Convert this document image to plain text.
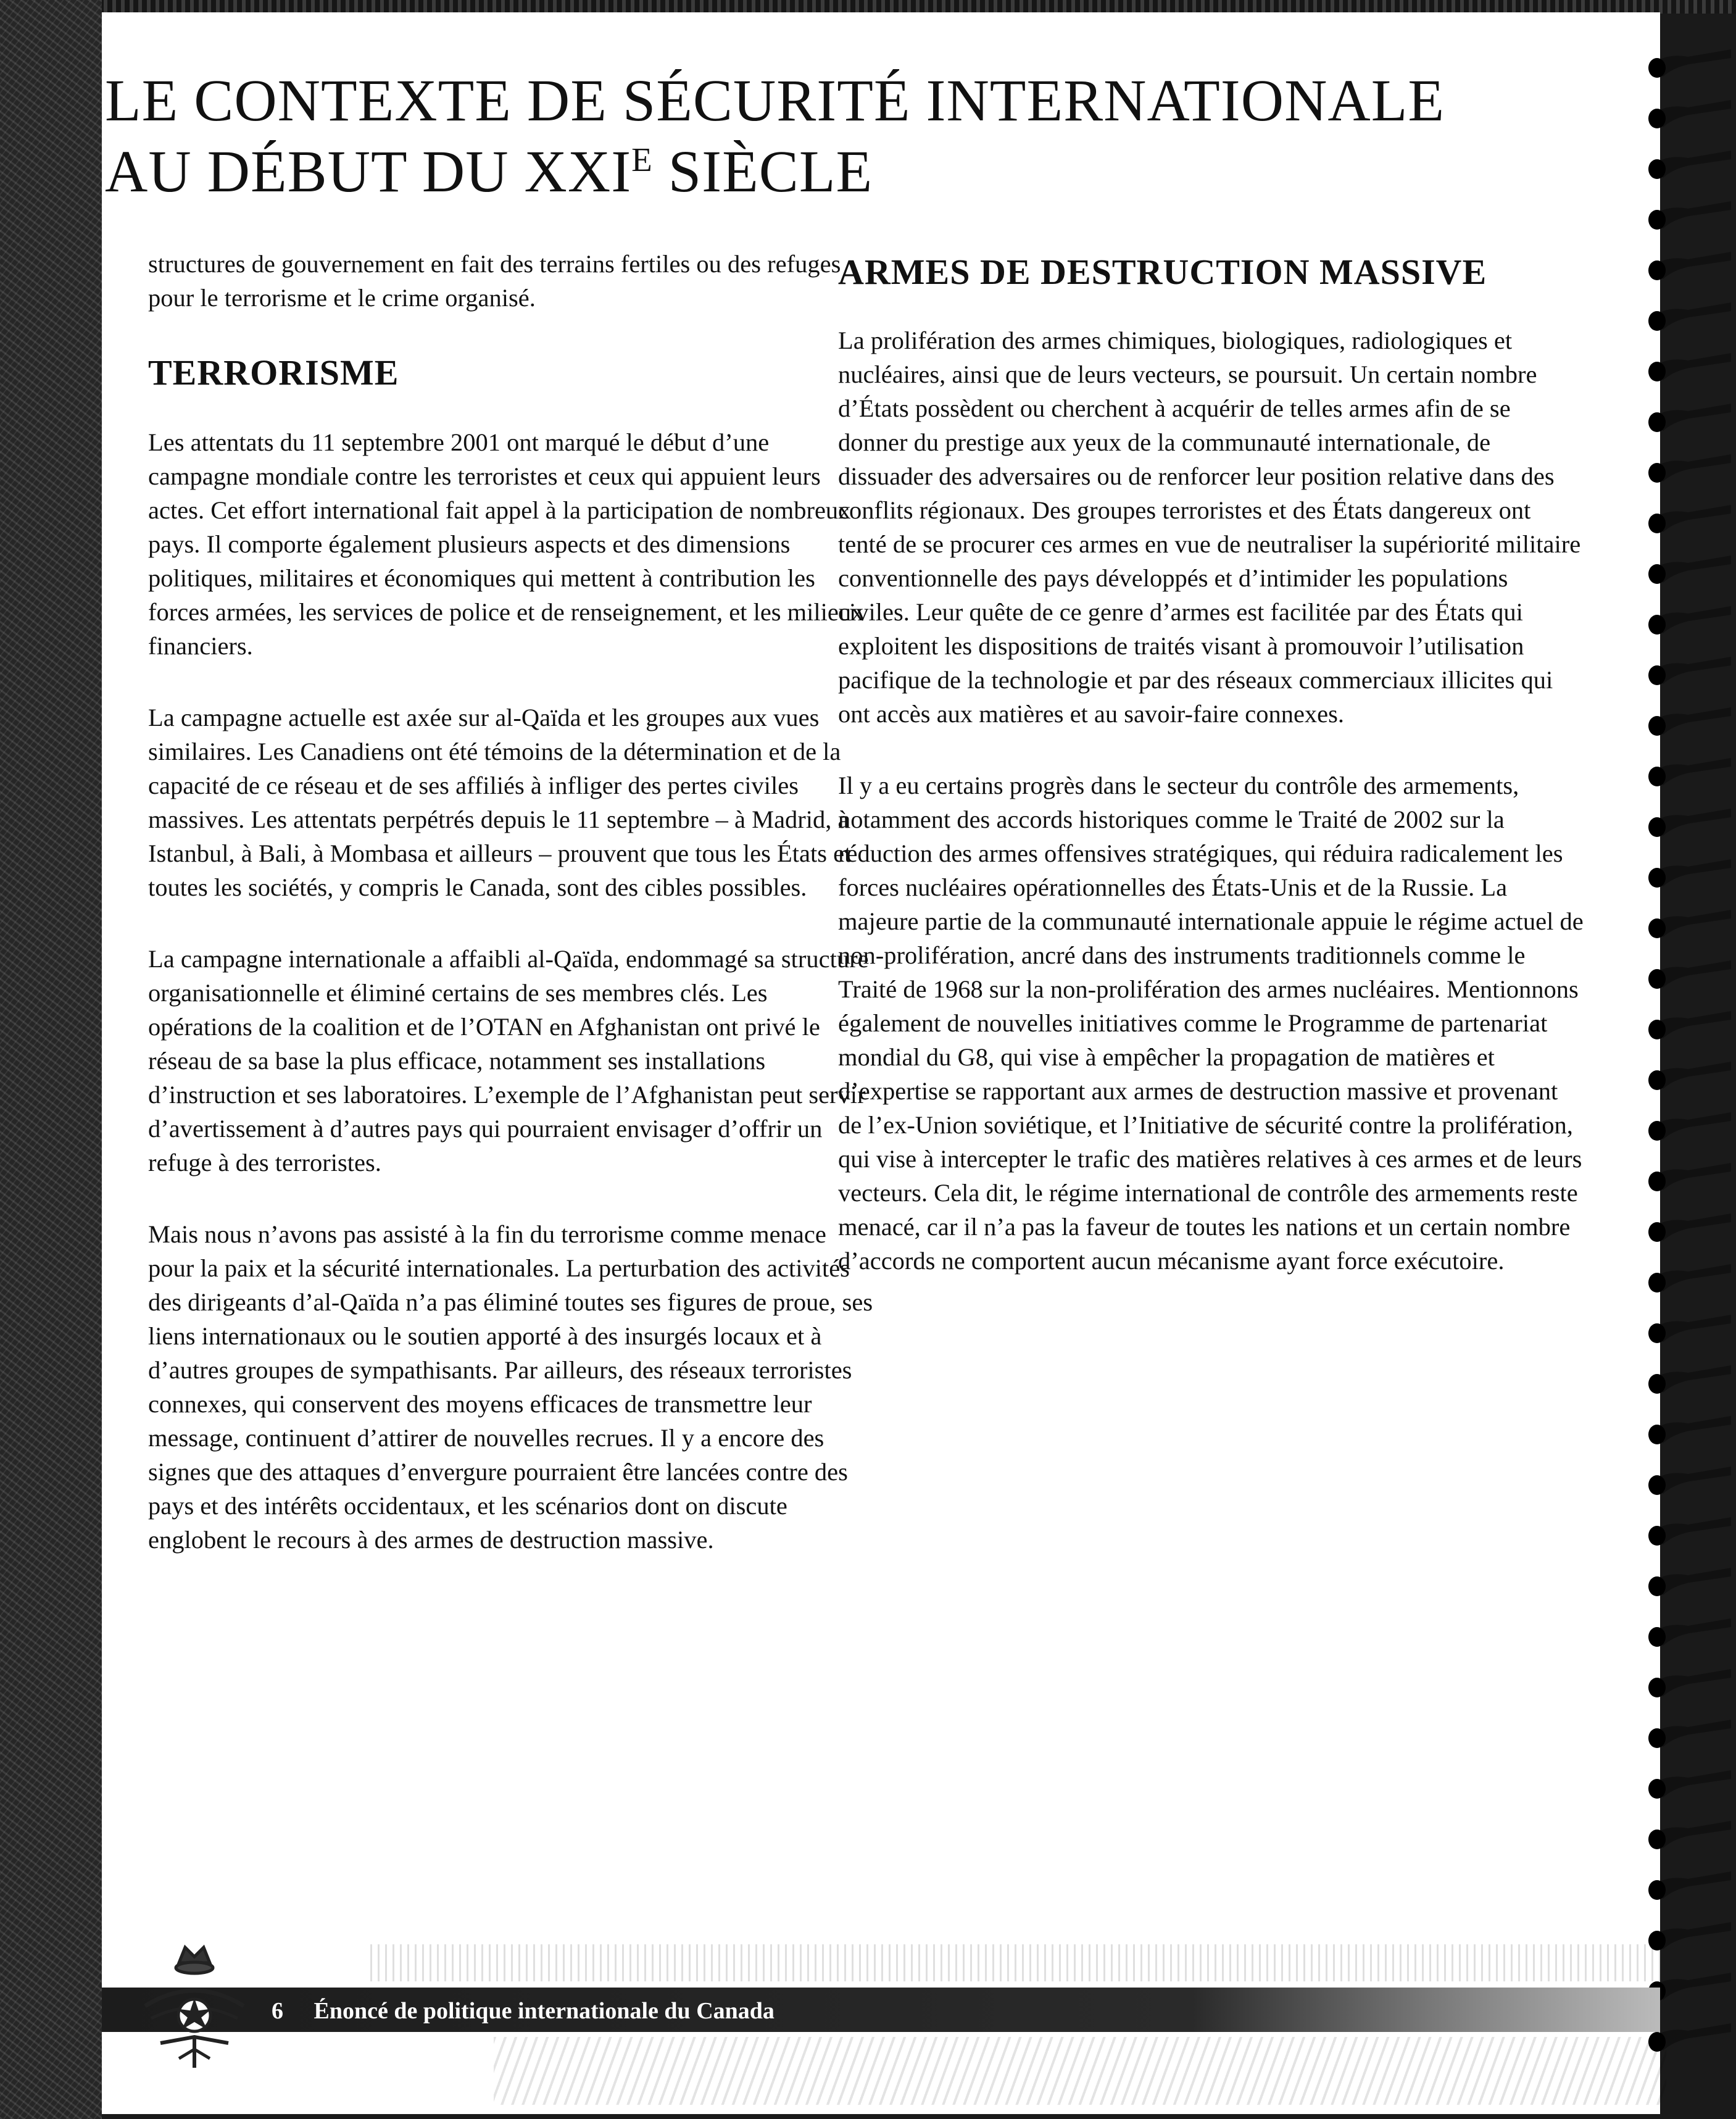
LE CONTEXTE DE SÉCURITÉ INTERNATIONALE
AU DÉBUT DU $XXI^E$ SIÈCLE

structures de gouvernement en fait des terrains fertiles ou des refuges pour le terrorisme et le crime organisé.

TERRORISME

Les attentats du 11 septembre 2001 ont marqué le début d’une campagne mondiale contre les terroristes et ceux qui appuient leurs actes. Cet effort international fait appel à la participation de nombreux pays. Il comporte également plusieurs aspects et des dimensions politiques, militaires et économiques qui mettent à contribution les forces armées, les services de police et de renseignement, et les milieux financiers.

La campagne actuelle est axée sur al-Qaïda et les groupes aux vues similaires. Les Canadiens ont été témoins de la détermination et de la capacité de ce réseau et de ses affiliés à infliger des pertes civiles massives. Les attentats perpétrés depuis le 11 septembre – à Madrid, à Istanbul, à Bali, à Mombasa et ailleurs – prouvent que tous les États et toutes les sociétés, y compris le Canada, sont des cibles possibles.

La campagne internationale a affaibli al-Qaïda, endommagé sa structure organisationnelle et éliminé certains de ses membres clés. Les opérations de la coalition et de l’OTAN en Afghanistan ont privé le réseau de sa base la plus efficace, notamment ses installations d’instruction et ses laboratoires. L’exemple de l’Afghanistan peut servir d’avertissement à d’autres pays qui pourraient envisager d’offrir un refuge à des terroristes.

Mais nous n’avons pas assisté à la fin du terrorisme comme menace pour la paix et la sécurité internationales. La perturbation des activités des dirigeants d’al-Qaïda n’a pas éliminé toutes ses figures de proue, ses liens internationaux ou le soutien apporté à des insurgés locaux et à d’autres groupes de sympathisants. Par ailleurs, des réseaux terroristes connexes, qui conservent des moyens efficaces de transmettre leur message, continuent d’attirer de nouvelles recrues. Il y a encore des signes que des attaques d’envergure pourraient être lancées contre des pays et des intérêts occidentaux, et les scénarios dont on discute englobent le recours à des armes de destruction massive.

ARMES DE DESTRUCTION MASSIVE

La prolifération des armes chimiques, biologiques, radiologiques et nucléaires, ainsi que de leurs vecteurs, se poursuit. Un certain nombre d’États possèdent ou cherchent à acquérir de telles armes afin de se donner du prestige aux yeux de la communauté internationale, de dissuader des adversaires ou de renforcer leur position relative dans des conflits régionaux. Des groupes terroristes et des États dangereux ont tenté de se procurer ces armes en vue de neutraliser la supériorité militaire conventionnelle des pays développés et d’intimider les populations civiles. Leur quête de ce genre d’armes est facilitée par des États qui exploitent les dispositions de traités visant à promouvoir l’utilisation pacifique de la technologie et par des réseaux commerciaux illicites qui ont accès aux matières et au savoir-faire connexes.

Il y a eu certains progrès dans le secteur du contrôle des armements, notamment des accords historiques comme le Traité de 2002 sur la réduction des armes offensives stratégiques, qui réduira radicalement les forces nucléaires opérationnelles des États-Unis et de la Russie. La majeure partie de la communauté internationale appuie le régime actuel de non-prolifération, ancré dans des instruments traditionnels comme le Traité de 1968 sur la non-prolifération des armes nucléaires. Mentionnons également de nouvelles initiatives comme le Programme de partenariat mondial du G8, qui vise à empêcher la propagation de matières et d’expertise se rapportant aux armes de destruction massive et provenant de l’ex-Union soviétique, et l’Initiative de sécurité contre la prolifération, qui vise à intercepter le trafic des matières relatives à ces armes et de leurs vecteurs. Cela dit, le régime international de contrôle des armements reste menacé, car il n’a pas la faveur de toutes les nations et un certain nombre d’accords ne comportent aucun mécanisme ayant force exécutoire.

6 Énoncé de politique internationale du Canada
